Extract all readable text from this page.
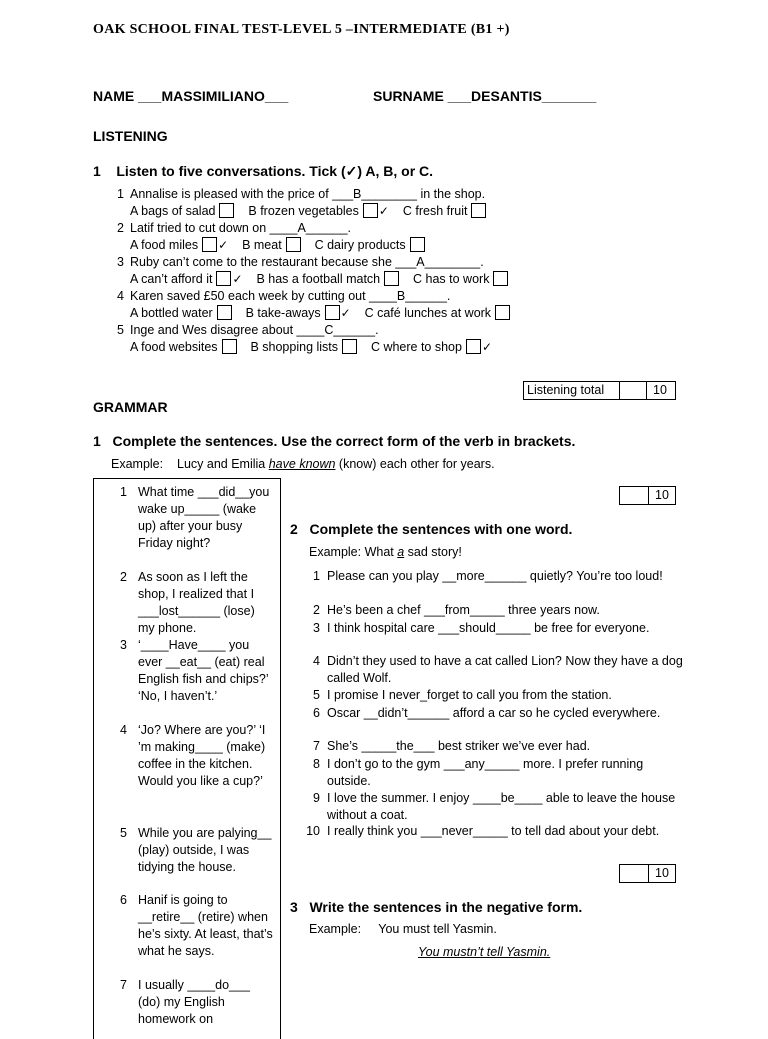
OAK SCHOOL FINAL TEST-LEVEL 5 –INTERMEDIATE (B1 +)
NAME ___MASSIMILIANO___	SURNAME ___DESANTIS_______
LISTENING
1 Listen to five conversations. Tick (✓) A, B, or C.
1 Annalise is pleased with the price of ___B________ in the shop.
A bags of salad	B frozen vegetables ✓ C fresh fruit
2 Latif tried to cut down on ____A______.
A food miles ✓ B meat	C dairy products
3 Ruby can’t come to the restaurant because she ___A________.
A can’t afford it ✓ B has a football match	C has to work
4 Karen saved £50 each week by cutting out ____B______.
A bottled water	B take-aways ✓ C café lunches at work
5 Inge and Wes disagree about ____C______.
A food websites	B shopping lists	C where to shop ✓
Listening total	10
GRAMMAR
1 Complete the sentences. Use the correct form of the verb in brackets.
Example: Lucy and Emilia have known (know) each other for years.
1 What time ___did__you wake up_____ (wake up) after your busy Friday night?
2 As soon as I left the shop, I realized that I ___lost______ (lose) my phone.
3 ‘____Have____ you ever __eat__ (eat) real English fish and chips?’ ‘No, I haven’t.’
4 ‘Jo? Where are you?’ ‘I ’m making____ (make) coffee in the kitchen. Would you like a cup?’
5 While you are palying__ (play) outside, I was tidying the house.
6 Hanif is going to __retire__ (retire) when he’s sixty. At least, that’s what he says.
7 I usually ____do___ (do) my English homework on
10
2 Complete the sentences with one word.
Example: What a sad story!
1 Please can you play __more______ quietly? You’re too loud!
2 He’s been a chef ___from_____ three years now.
3 I think hospital care ___should_____ be free for everyone.
4 Didn’t they used to have a cat called Lion? Now they have a dog called Wolf.
5 I promise I never_forget to call you from the station.
6 Oscar __didn’t______ afford a car so he cycled everywhere.
7 She’s _____the___ best striker we’ve ever had.
8 I don’t go to the gym ___any_____ more. I prefer running outside.
9 I love the summer. I enjoy ____be____ able to leave the house without a coat.
10 I really think you ___never_____ to tell dad about your debt.
10
3 Write the sentences in the negative form.
Example: You must tell Yasmin.
You mustn’t tell Yasmin.
